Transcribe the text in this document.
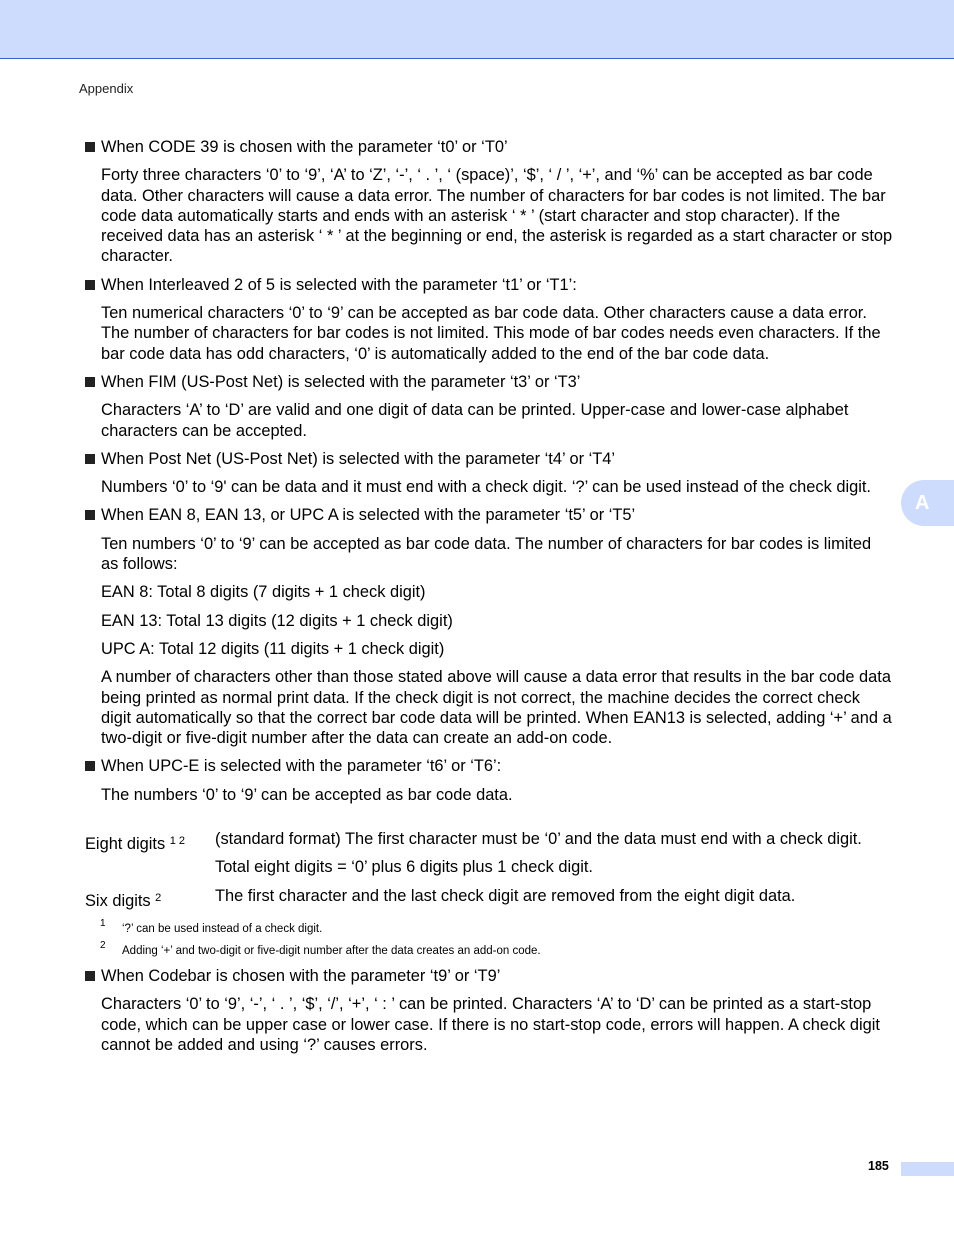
Appendix
When CODE 39 is chosen with the parameter ‘t0’ or ‘T0’

Forty three characters ‘0’ to ‘9’, ‘A’ to ‘Z’, ‘-’, ‘ . ’, ‘ (space)’, ‘$’, ‘ / ’, ‘+’, and ‘%’ can be accepted as bar code data. Other characters will cause a data error. The number of characters for bar codes is not limited. The bar code data automatically starts and ends with an asterisk ‘ * ’ (start character and stop character). If the received data has an asterisk ‘ * ’ at the beginning or end, the asterisk is regarded as a start character or stop character.

When Interleaved 2 of 5 is selected with the parameter ‘t1’ or ‘T1’:

Ten numerical characters ‘0’ to ‘9’ can be accepted as bar code data. Other characters cause a data error. The number of characters for bar codes is not limited. This mode of bar codes needs even characters. If the bar code data has odd characters, ‘0’ is automatically added to the end of the bar code data.

When FIM (US-Post Net) is selected with the parameter ‘t3’ or ‘T3’

Characters ‘A’ to ‘D’ are valid and one digit of data can be printed. Upper-case and lower-case alphabet characters can be accepted.

When Post Net (US-Post Net) is selected with the parameter ‘t4’ or ‘T4’

Numbers ‘0’ to ‘9' can be data and it must end with a check digit. ‘?’ can be used instead of the check digit.

When EAN 8, EAN 13, or UPC A is selected with the parameter ‘t5’ or ‘T5’

Ten numbers ‘0’ to ‘9’ can be accepted as bar code data. The number of characters for bar codes is limited as follows:

EAN 8: Total 8 digits (7 digits + 1 check digit)

EAN 13: Total 13 digits (12 digits + 1 check digit)

UPC A: Total 12 digits (11 digits + 1 check digit)

A number of characters other than those stated above will cause a data error that results in the bar code data being printed as normal print data. If the check digit is not correct, the machine decides the correct check digit automatically so that the correct bar code data will be printed. When EAN13 is selected, adding ‘+’ and a two-digit or five-digit number after the data can create an add-on code.

When UPC-E is selected with the parameter ‘t6’ or ‘T6’:

The numbers ‘0’ to ‘9’ can be accepted as bar code data.

Eight digits $^{1 2}$	(standard format) The first character must be ‘0’ and the data must end with a check digit.
Total eight digits = ‘0’ plus 6 digits plus 1 check digit.
Six digits $^2$	The first character and the last check digit are removed from the eight digit data.
1	‘?’ can be used instead of a check digit.
2	Adding ‘+’ and two-digit or five-digit number after the data creates an add-on code.
When Codebar is chosen with the parameter ‘t9’ or ‘T9’

Characters ‘0’ to ‘9’, ‘-’, ‘ . ’, ‘$’, ‘/’, ‘+’, ‘ : ’ can be printed. Characters ‘A’ to ‘D’ can be printed as a start-stop code, which can be upper case or lower case. If there is no start-stop code, errors will happen. A check digit cannot be added and using ‘?’ causes errors.

A
185
